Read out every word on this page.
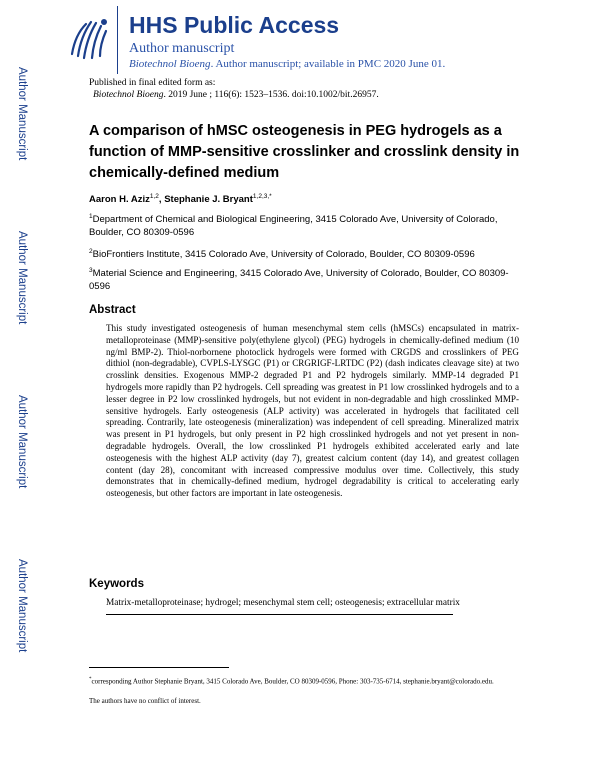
HHS Public Access
Author manuscript
Biotechnol Bioeng. Author manuscript; available in PMC 2020 June 01.
Published in final edited form as:
Biotechnol Bioeng. 2019 June ; 116(6): 1523–1536. doi:10.1002/bit.26957.
Author Manuscript
Author Manuscript
Author Manuscript
Author Manuscript
A comparison of hMSC osteogenesis in PEG hydrogels as a function of MMP-sensitive crosslinker and crosslink density in chemically-defined medium
Aaron H. Aziz$^{1,2}$, Stephanie J. Bryant$^{1,2,3,*}$
$^1$Department of Chemical and Biological Engineering, 3415 Colorado Ave, University of Colorado, Boulder, CO 80309-0596
$^2$BioFrontiers Institute, 3415 Colorado Ave, University of Colorado, Boulder, CO 80309-0596
$^3$Material Science and Engineering, 3415 Colorado Ave, University of Colorado, Boulder, CO 80309-0596
Abstract
This study investigated osteogenesis of human mesenchymal stem cells (hMSCs) encapsulated in matrix-metalloproteinase (MMP)-sensitive poly(ethylene glycol) (PEG) hydrogels in chemically-defined medium (10 ng/ml BMP-2). Thiol-norbornene photoclick hydrogels were formed with CRGDS and crosslinkers of PEG dithiol (non-degradable), CVPLS-LYSGC (P1) or CRGRIGF-LRTDC (P2) (dash indicates cleavage site) at two crosslink densities. Exogenous MMP-2 degraded P1 and P2 hydrogels similarly. MMP-14 degraded P1 hydrogels more rapidly than P2 hydrogels. Cell spreading was greatest in P1 low crosslinked hydrogels and to a lesser degree in P2 low crosslinked hydrogels, but not evident in non-degradable and high crosslinked MMP-sensitive hydrogels. Early osteogenesis (ALP activity) was accelerated in hydrogels that facilitated cell spreading. Contrarily, late osteogenesis (mineralization) was independent of cell spreading. Mineralized matrix was present in P1 hydrogels, but only present in P2 high crosslinked hydrogels and not yet present in non-degradable hydrogels. Overall, the low crosslinked P1 hydrogels exhibited accelerated early and late osteogenesis with the highest ALP activity (day 7), greatest calcium content (day 14), and greatest collagen content (day 28), concomitant with increased compressive modulus over time. Collectively, this study demonstrates that in chemically-defined medium, hydrogel degradability is critical to accelerating early osteogenesis, but other factors are important in late osteogenesis.
Keywords
Matrix-metalloproteinase; hydrogel; mesenchymal stem cell; osteogenesis; extracellular matrix
*corresponding Author Stephanie Bryant, 3415 Colorado Ave, Boulder, CO 80309-0596, Phone: 303-735-6714, stephanie.bryant@colorado.edu.
The authors have no conflict of interest.
